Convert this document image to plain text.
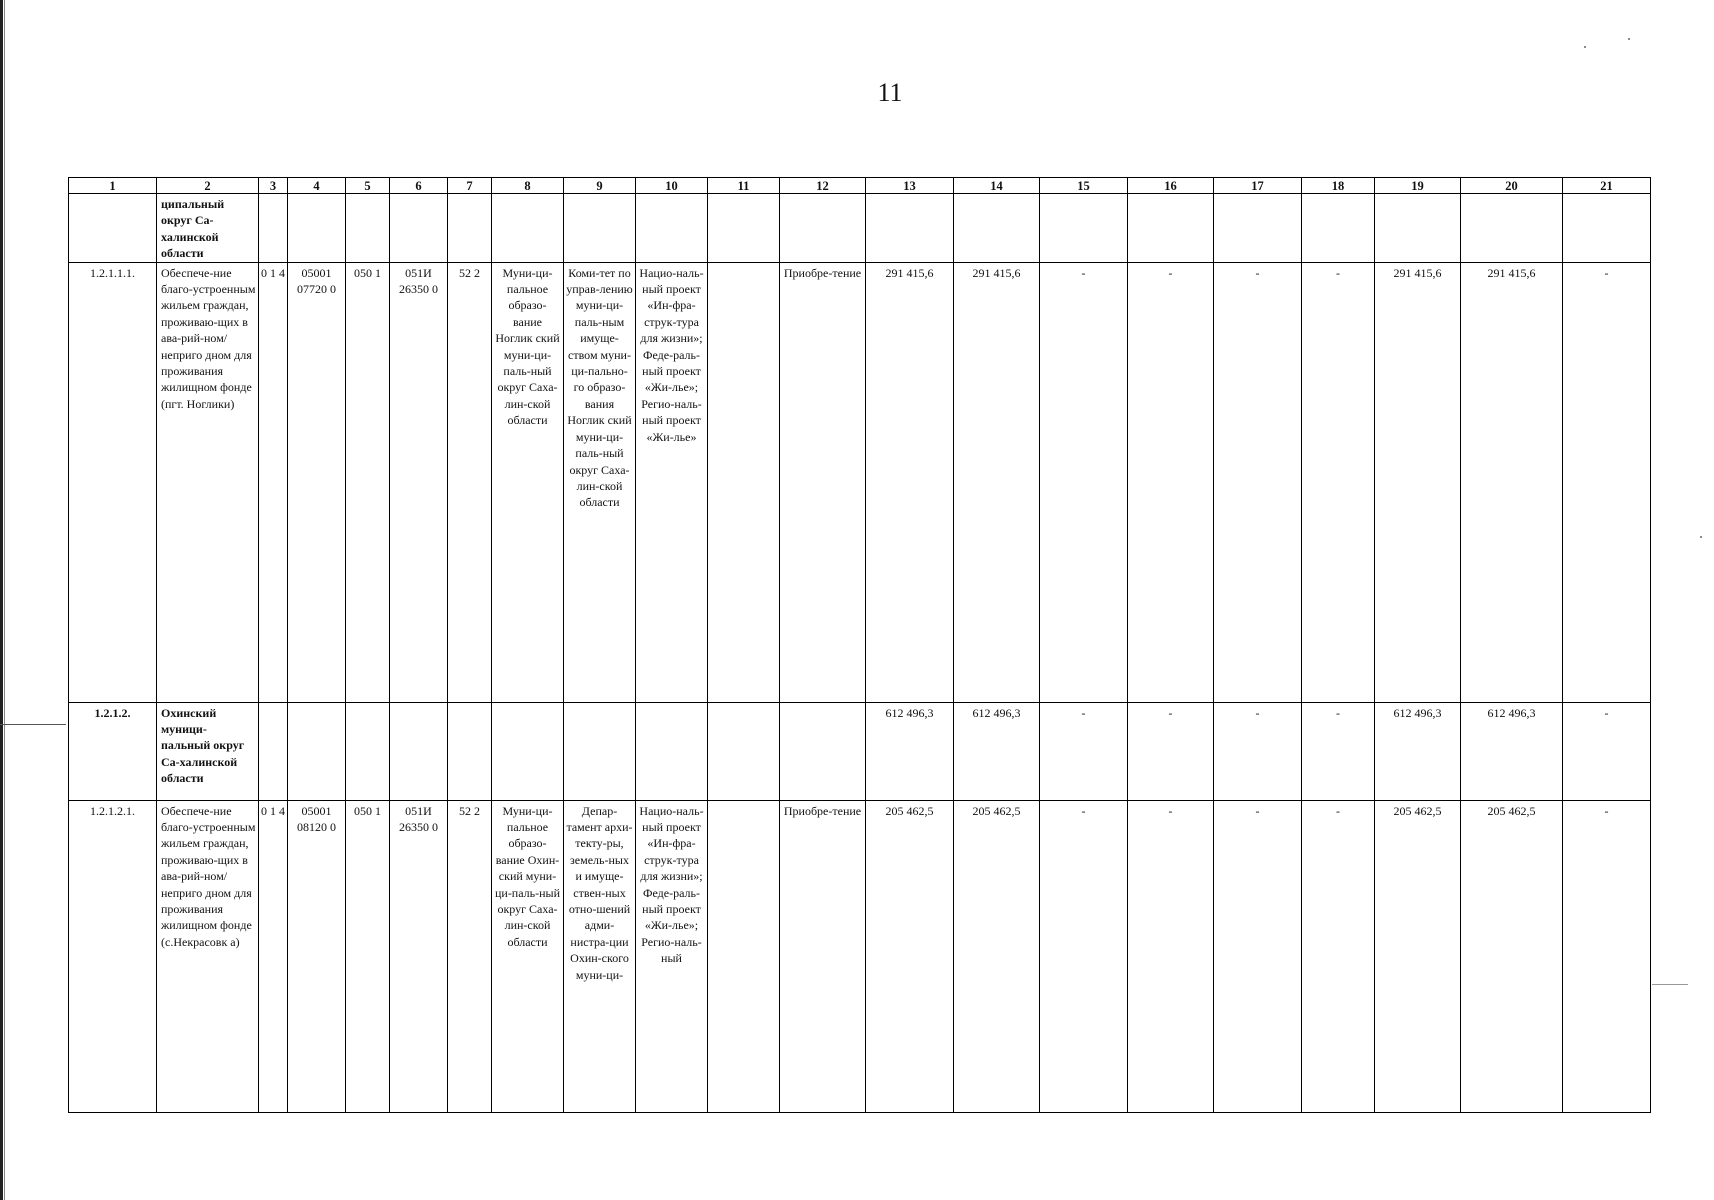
11
1	2	3	4	5	6	7	8	9	10	11	12	13	14	15	16	17	18	19	20	21
	ципальный округ Са-халинской области																			
1.2.1.1.1.	Обеспече-ние благо-устроенным жильем граждан, проживаю-щих в ава-рий-ном/неприго дном для проживания жилищном фонде (пгт. Ноглики)	0 1 4	05001 07720 0	050 1	051И 26350 0	52 2	Муни-ци-пальное образо-вание Ноглик ский муни-ци-паль-ный округ Саха-лин-ской области	Коми-тет по управ-лению муни-ци-паль-ным имуще-ством муни-ци-пально-го образо-вания Ноглик ский муни-ци-паль-ный округ Саха-лин-ской области	Нацио-наль-ный проект «Ин-фра-струк-тура для жизни»; Феде-раль-ный проект «Жи-лье»; Регио-наль-ный проект «Жи-лье»		Приобре-тение	291 415,6	291 415,6	-	-	-	-	291 415,6	291 415,6	-
1.2.1.2.	Охинский муници-пальный округ Са-халинской области											612 496,3	612 496,3	-	-	-	-	612 496,3	612 496,3	-
1.2.1.2.1.	Обеспече-ние благо-устроенным жильем граждан, проживаю-щих в ава-рий-ном/неприго дном для проживания жилищном фонде (с.Некрасовк а)	0 1 4	05001 08120 0	050 1	051И 26350 0	52 2	Муни-ци-пальное образо-вание Охин-ский муни-ци-паль-ный округ Саха-лин-ской области	Депар-тамент архи-текту-ры, земель-ных и имуще-ствен-ных отно-шений адми-нистра-ции Охин-ского муни-ци-	Нацио-наль-ный проект «Ин-фра-струк-тура для жизни»; Феде-раль-ный проект «Жи-лье»; Регио-наль-ный		Приобре-тение	205 462,5	205 462,5	-	-	-	-	205 462,5	205 462,5	-
